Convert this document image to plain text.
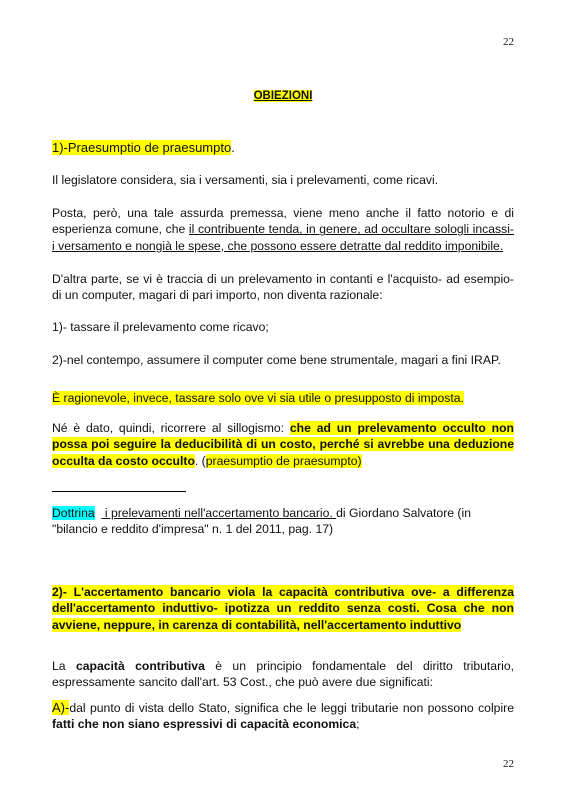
22
OBIEZIONI

1)-Praesumptio de praesumpto.

Il legislatore considera, sia i versamenti, sia i prelevamenti, come ricavi.

Posta, però, una tale assurda premessa, viene meno anche il fatto notorio e di esperienza comune, che il contribuente tenda, in genere, ad occultare sologli incassi- i versamento e nongià le spese, che possono essere detratte dal reddito imponibile.

D'altra parte, se vi è traccia di un prelevamento in contanti e l'acquisto- ad esempio- di un computer, magari di pari importo, non diventa razionale:

1)- tassare il prelevamento come ricavo;

2)-nel contempo, assumere il computer come bene strumentale, magari a fini IRAP.

È ragionevole, invece, tassare solo ove vi sia utile o presupposto di imposta.

Né è dato, quindi, ricorrere al sillogismo: che ad un prelevamento occulto non possa poi seguire la deducibilità di un costo, perché si avrebbe una deduzione occulta da costo occulto. (praesumptio de praesumpto)

Dottrina   i prelevamenti nell'accertamento bancario. di Giordano Salvatore (in "bilancio e reddito d'impresa" n. 1 del 2011, pag. 17)

2)- L'accertamento bancario viola la capacità contributiva ove- a differenza dell'accertamento induttivo- ipotizza un reddito senza costi. Cosa che non avviene, neppure, in carenza di contabilità, nell'accertamento induttivo

La capacità contributiva è un principio fondamentale del diritto tributario, espressamente sancito dall'art. 53 Cost., che può avere due significati:

A)-dal punto di vista dello Stato, significa che le leggi tributarie non possono colpire fatti che non siano espressivi di capacità economica;

22
